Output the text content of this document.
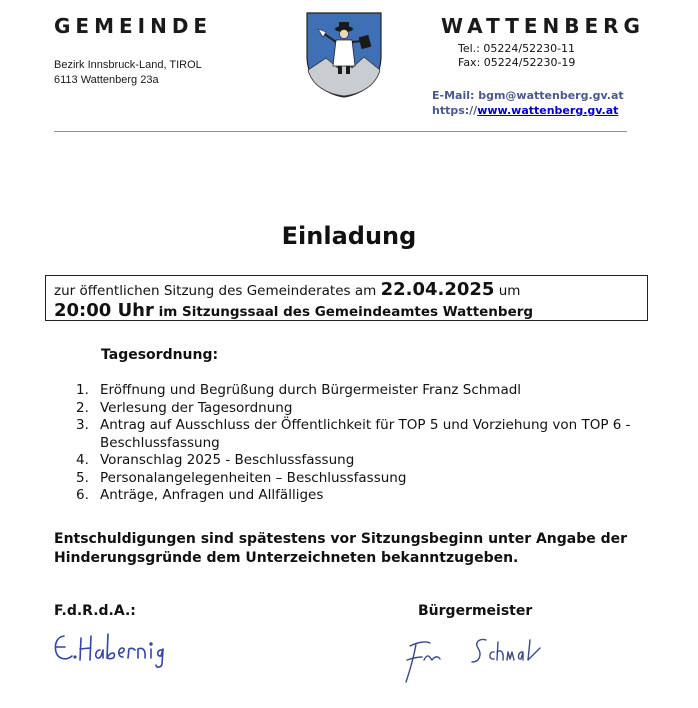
GEMEINDE	WATTENBERG
Bezirk Innsbruck-Land, TIROL
6113 Wattenberg 23a
Tel.: 05224/52230-11
Fax: 05224/52230-19
E-Mail: bgm@wattenberg.gv.at
https://www.wattenberg.gv.at
Einladung
zur öffentlichen Sitzung des Gemeinderates am 22.04.2025 um
20:00 Uhr im Sitzungssaal des Gemeindeamtes Wattenberg
Tagesordnung:
1. Eröffnung und Begrüßung durch Bürgermeister Franz Schmadl
2. Verlesung der Tagesordnung
3. Antrag auf Ausschluss der Öffentlichkeit für TOP 5 und Vorziehung von TOP 6 - Beschlussfassung
4. Voranschlag 2025 - Beschlussfassung
5. Personalangelegenheiten – Beschlussfassung
6. Anträge, Anfragen und Allfälliges
Entschuldigungen sind spätestens vor Sitzungsbeginn unter Angabe der Hinderungsgründe dem Unterzeichneten bekanntzugeben.
F.d.R.d.A.:	Bürgermeister
